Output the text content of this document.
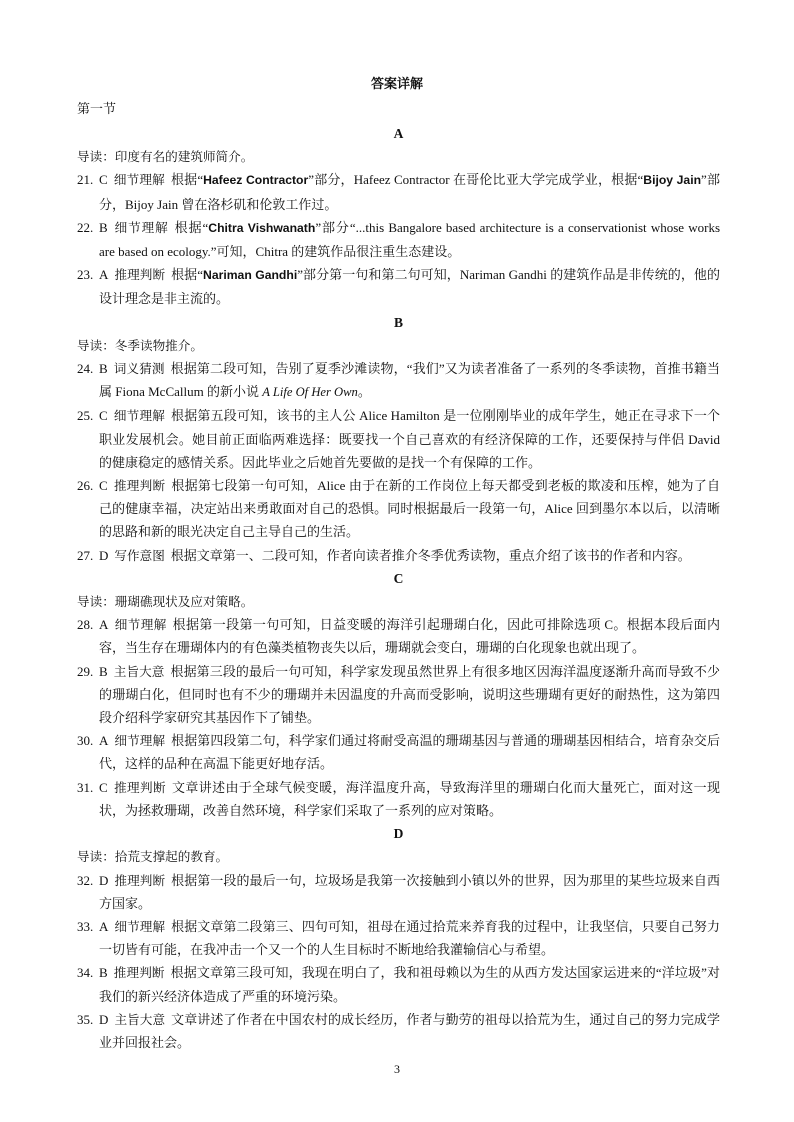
答案详解
第一节
A
导读：印度有名的建筑师简介。
21. C 细节理解 根据“Hafeez Contractor”部分，Hafeez Contractor 在哥伦比亚大学完成学业，根据“Bijoy Jain”部分，Bijoy Jain 曾在洛杉矶和伦敦工作过。
22. B 细节理解 根据“Chitra Vishwanath”部分“...this Bangalore based architecture is a conservationist whose works are based on ecology.”可知，Chitra 的建筑作品很注重生态建设。
23. A 推理判断 根据“Nariman Gandhi”部分第一句和第二句可知，Nariman Gandhi 的建筑作品是非传统的，他的设计理念是非主流的。
B
导读：冬季读物推介。
24. B 词义猜测 根据第二段可知，告别了夏季沙滩读物，“我们”又为读者准备了一系列的冬季读物，首推书籍当属 Fiona McCallum 的新小说 A Life Of Her Own。
25. C 细节理解 根据第五段可知，该书的主人公 Alice Hamilton 是一位刚刚毕业的成年学生，她正在寻求下一个职业发展机会。她目前正面临两难选择：既要找一个自己喜欢的有经济保障的工作，还要保持与伴侣 David 的健康稳定的感情关系。因此毕业之后她首先要做的是找一个有保障的工作。
26. C 推理判断 根据第七段第一句可知，Alice 由于在新的工作岗位上每天都受到老板的欺凌和压榨，她为了自己的健康幸福，决定站出来勇敢面对自己的恐惧。同时根据最后一段第一句，Alice 回到墨尔本以后，以清晰的思路和新的眼光决定自己主导自己的生活。
27. D 写作意图 根据文章第一、二段可知，作者向读者推介冬季优秀读物，重点介绍了该书的作者和内容。
C
导读：珊瑚礁现状及应对策略。
28. A 细节理解 根据第一段第一句可知，日益变暖的海洋引起珊瑚白化，因此可排除选项 C。根据本段后面内容，当生存在珊瑚体内的有色藻类植物丧失以后，珊瑚就会变白，珊瑚的白化现象也就出现了。
29. B 主旨大意 根据第三段的最后一句可知，科学家发现虽然世界上有很多地区因海洋温度逐渐升高而导致不少的珊瑚白化，但同时也有不少的珊瑚并未因温度的升高而受影响，说明这些珊瑚有更好的耐热性，这为第四段介绍科学家研究其基因作下了铺垫。
30. A 细节理解 根据第四段第二句，科学家们通过将耐受高温的珊瑚基因与普通的珊瑚基因相结合，培育杂交后代，这样的品种在高温下能更好地存活。
31. C 推理判断 文章讲述由于全球气候变暖，海洋温度升高，导致海洋里的珊瑚白化而大量死亡，面对这一现状，为拯救珊瑚，改善自然环境，科学家们采取了一系列的应对策略。
D
导读：拾荒支撑起的教育。
32. D 推理判断 根据第一段的最后一句，垃圾场是我第一次接触到小镇以外的世界，因为那里的某些垃圾来自西方国家。
33. A 细节理解 根据文章第二段第三、四句可知，祖母在通过拾荒来养育我的过程中，让我坚信，只要自己努力一切皆有可能，在我冲击一个又一个的人生目标时不断地给我灌输信心与希望。
34. B 推理判断 根据文章第三段可知，我现在明白了，我和祖母赖以为生的从西方发达国家运进来的“洋垃圾”对我们的新兴经济体造成了严重的环境污染。
35. D 主旨大意 文章讲述了作者在中国农村的成长经历，作者与勤劳的祖母以拾荒为生，通过自己的努力完成学业并回报社会。
3
